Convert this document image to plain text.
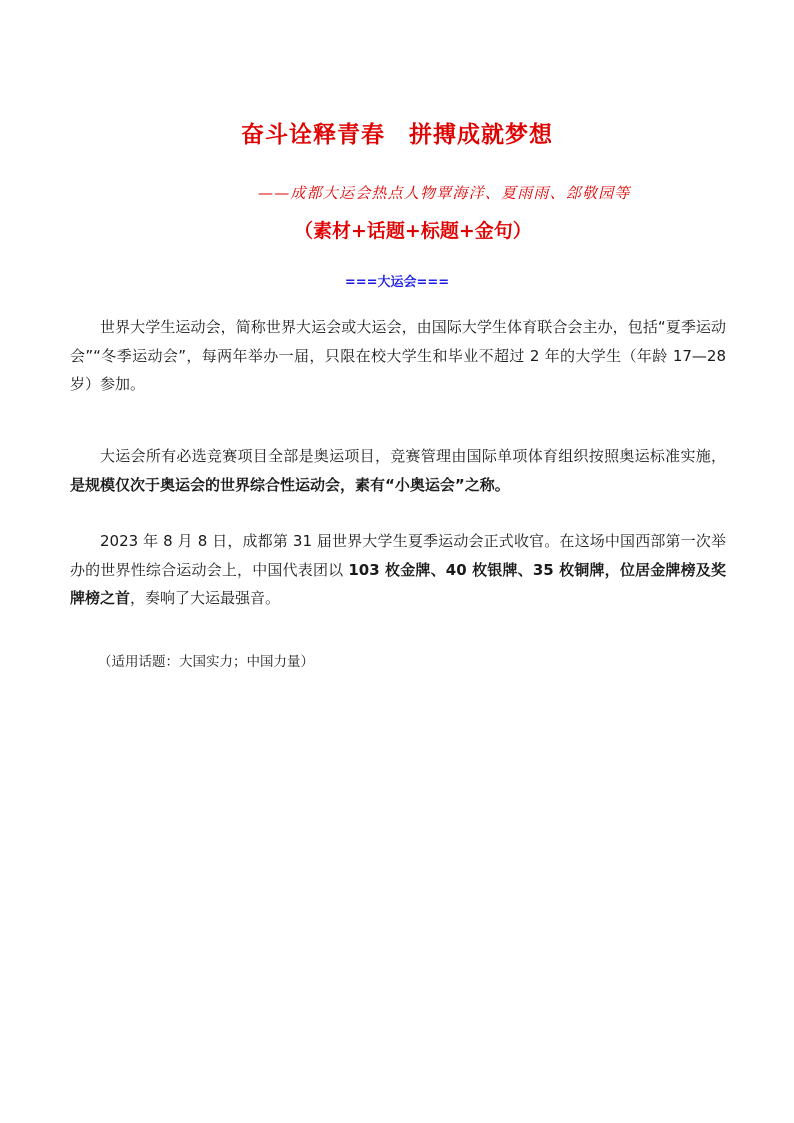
奋斗诠释青春　拼搏成就梦想
——成都大运会热点人物覃海洋、夏雨雨、郐敬园等
（素材+话题+标题+金句）
===大运会===

世界大学生运动会，简称世界大运会或大运会，由国际大学生体育联合会主办，包括“夏季运动会”“冬季运动会”，每两年举办一届，只限在校大学生和毕业不超过 2 年的大学生（年龄 17—28 岁）参加。

大运会所有必选竞赛项目全部是奥运项目，竞赛管理由国际单项体育组织按照奥运标准实施，是规模仅次于奥运会的世界综合性运动会，素有“小奥运会”之称。

2023 年 8 月 8 日，成都第 31 届世界大学生夏季运动会正式收官。在这场中国西部第一次举办的世界性综合运动会上，中国代表团以 103 枚金牌、40 枚银牌、35 枚铜牌，位居金牌榜及奖牌榜之首，奏响了大运最强音。

（适用话题：大国实力；中国力量）
